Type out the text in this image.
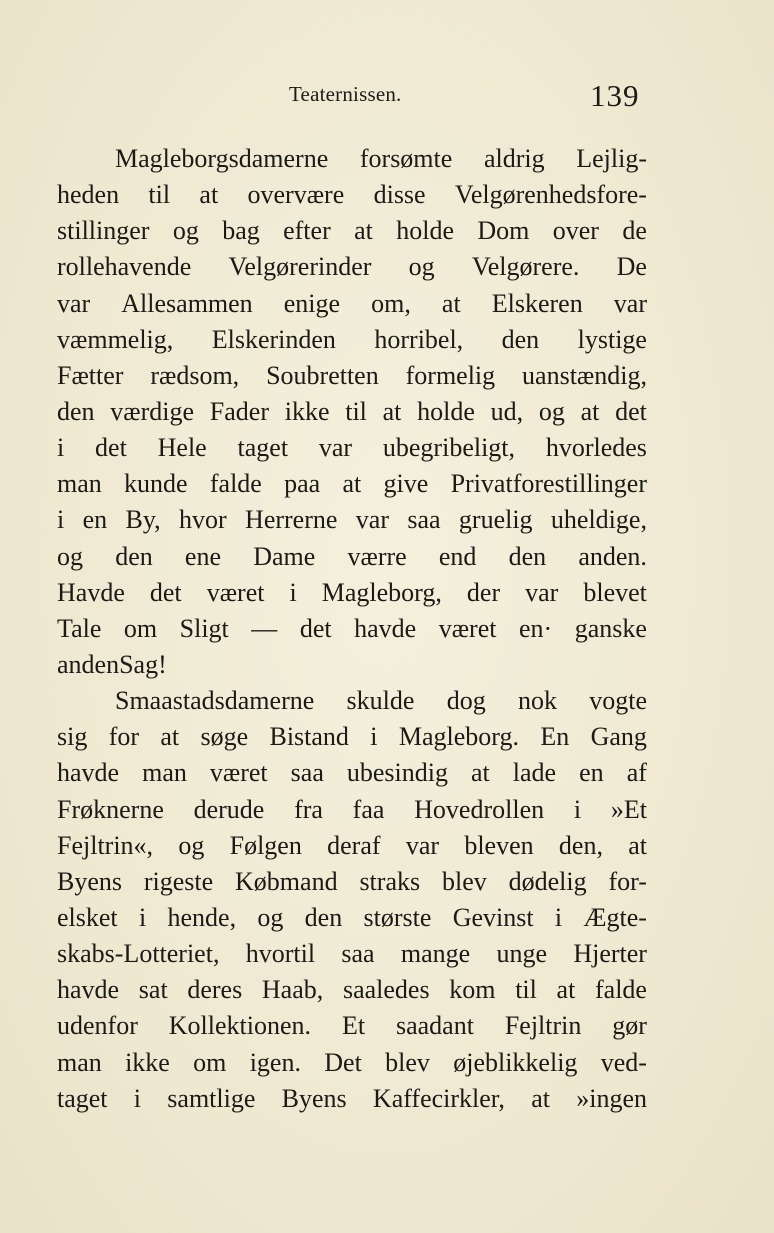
Teaternissen.	139
Magleborgsdamerne forsømte aldrig Lejlig-
heden til at overvære disse Velgørenhedsfore-
stillinger og bag efter at holde Dom over de
rollehavende Velgørerinder og Velgørere. De
var Allesammen enige om, at Elskeren var
væmmelig, Elskerinden horribel, den lystige
Fætter rædsom, Soubretten formelig uanstændig,
den værdige Fader ikke til at holde ud, og at det
i det Hele taget var ubegribeligt, hvorledes
man kunde falde paa at give Privatforestillinger
i en By, hvor Herrerne var saa gruelig uheldige,
og den ene Dame værre end den anden.
Havde det været i Magleborg, der var blevet
Tale om Sligt — det havde været en· ganske
anden Sag!
Smaastadsdamerne skulde dog nok vogte
sig for at søge Bistand i Magleborg. En Gang
havde man været saa ubesindig at lade en af
Frøknerne derude fra faa Hovedrollen i »Et
Fejltrin«, og Følgen deraf var bleven den, at
Byens rigeste Købmand straks blev dødelig for-
elsket i hende, og den største Gevinst i Ægte-
skabs-Lotteriet, hvortil saa mange unge Hjerter
havde sat deres Haab, saaledes kom til at falde
udenfor Kollektionen. Et saadant Fejltrin gør
man ikke om igen. Det blev øjeblikkelig ved-
taget i samtlige Byens Kaffecirkler, at »ingen
